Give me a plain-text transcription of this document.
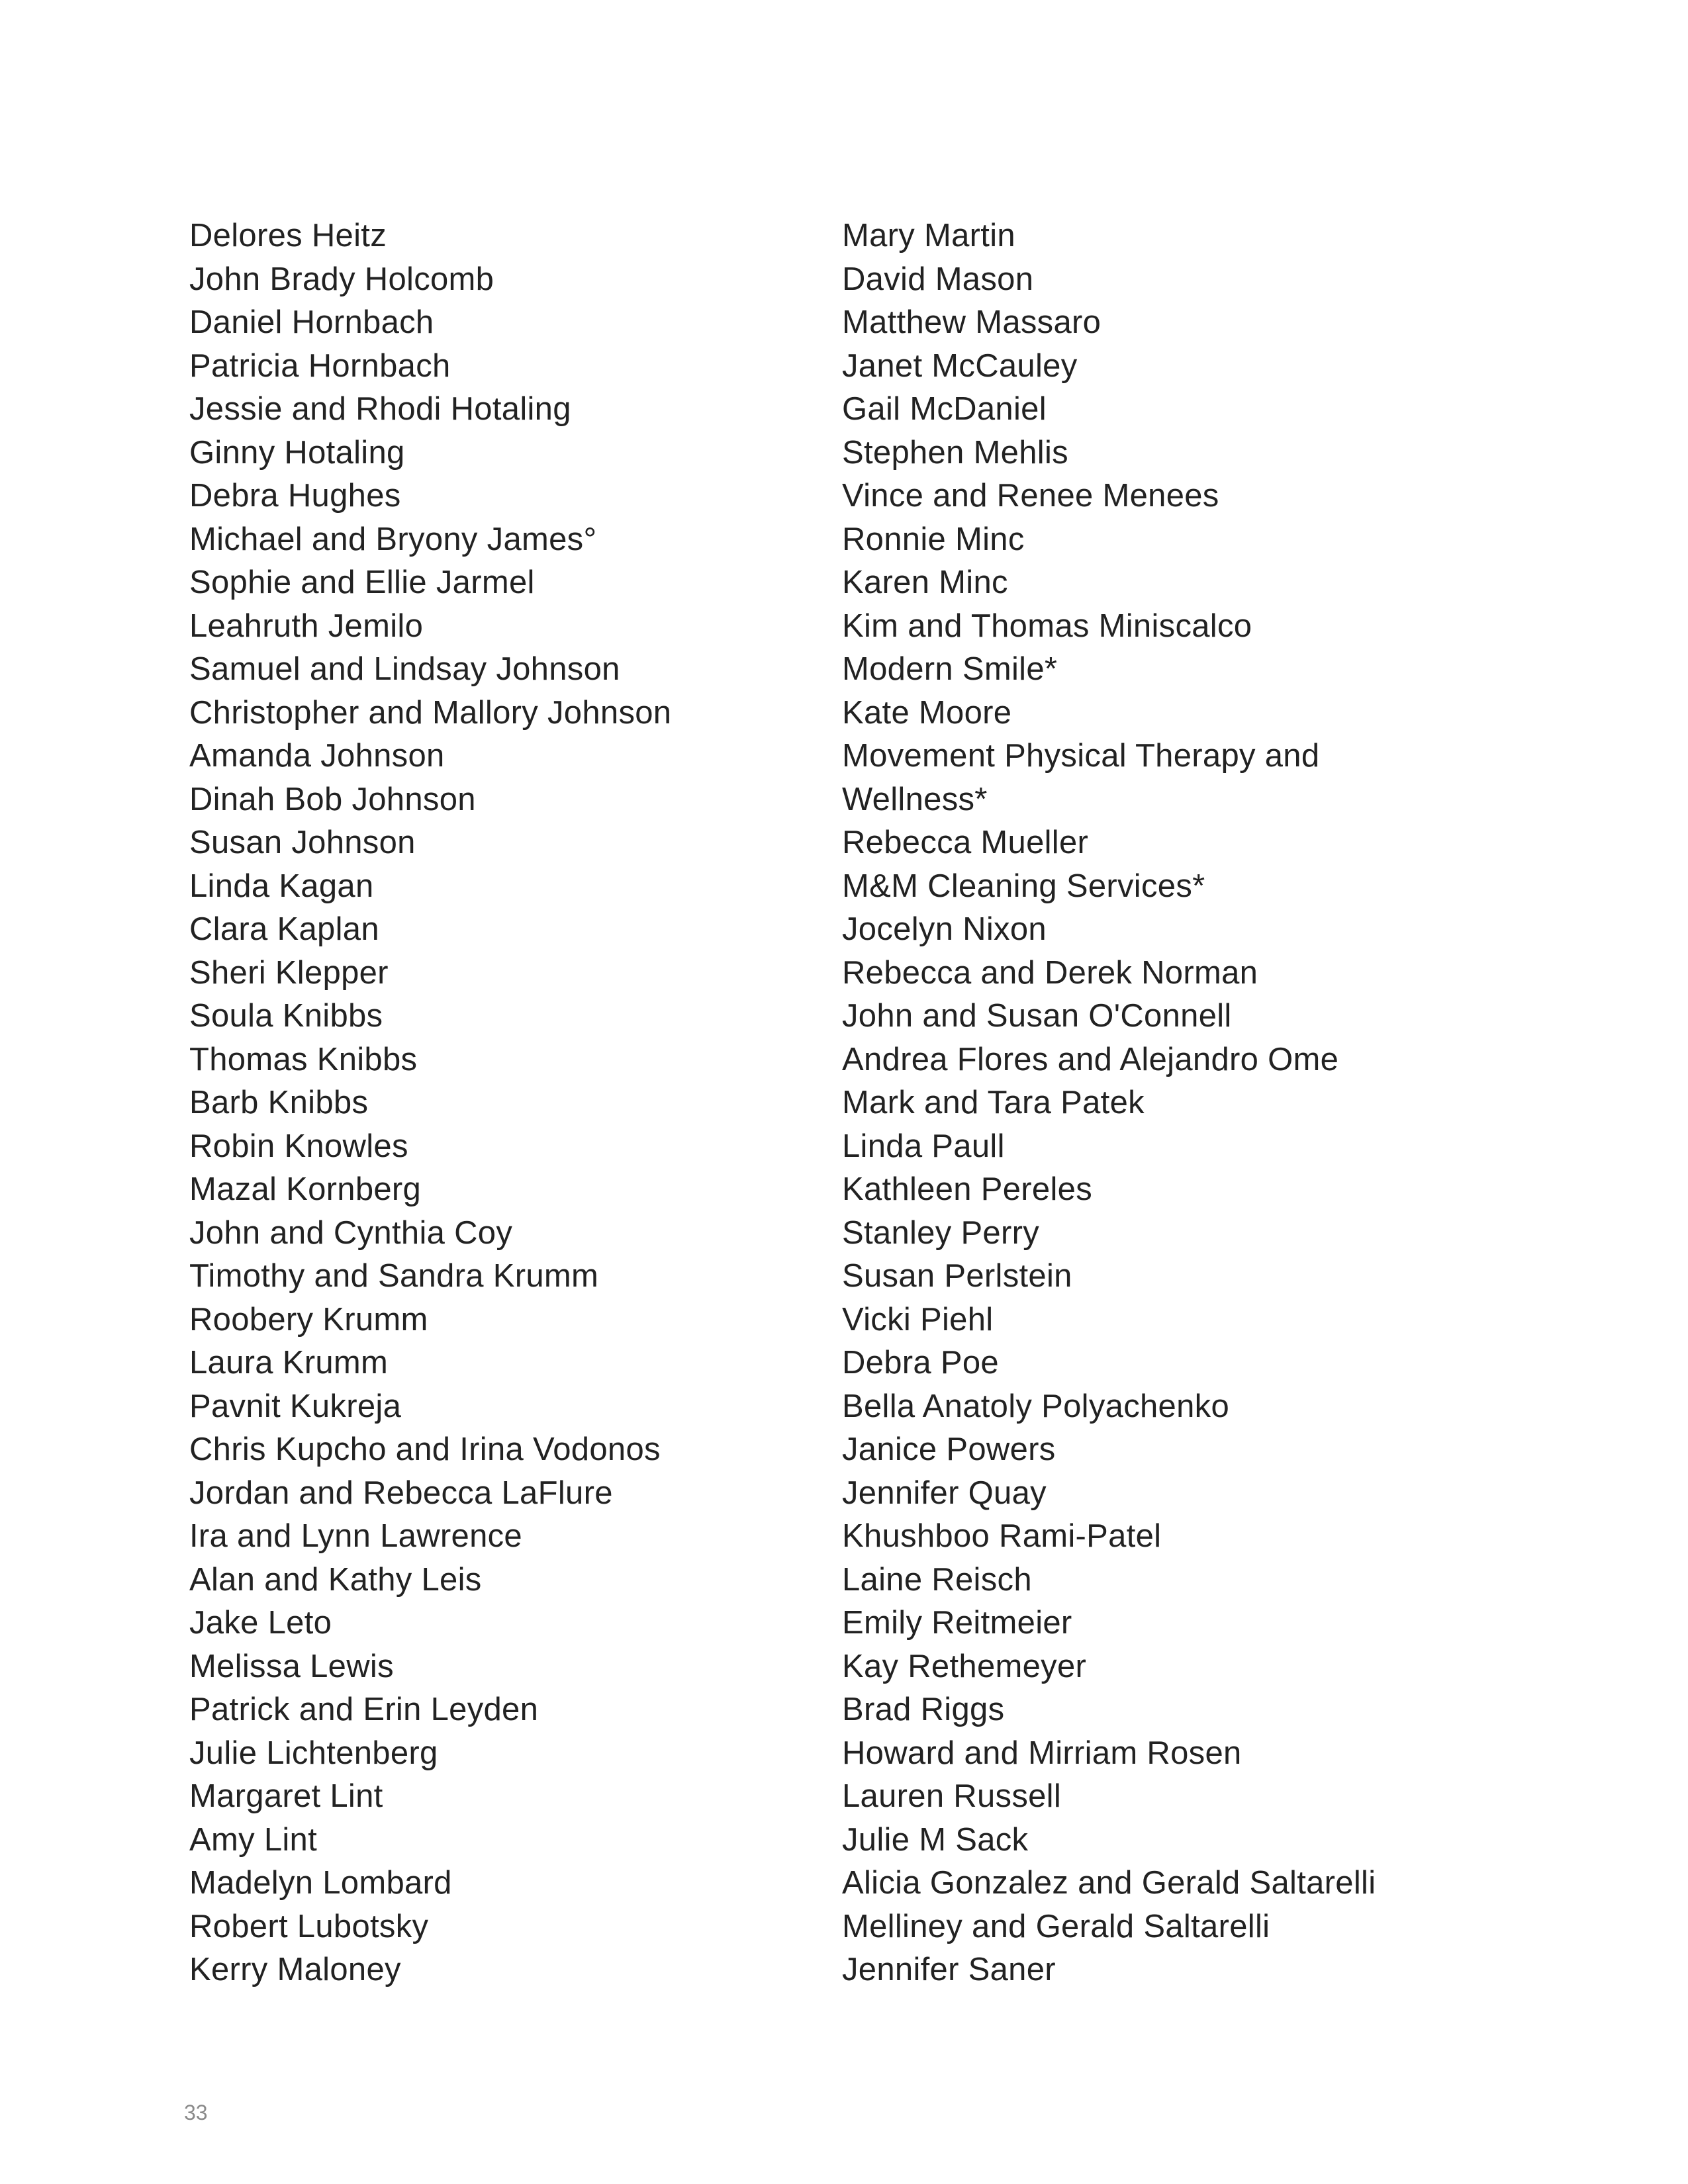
Delores Heitz
John Brady Holcomb
Daniel Hornbach
Patricia Hornbach
Jessie and Rhodi Hotaling
Ginny Hotaling
Debra Hughes
Michael and Bryony James°
Sophie and Ellie Jarmel
Leahruth Jemilo
Samuel and Lindsay Johnson
Christopher and Mallory Johnson
Amanda Johnson
Dinah Bob Johnson
Susan Johnson
Linda Kagan
Clara Kaplan
Sheri Klepper
Soula Knibbs
Thomas Knibbs
Barb Knibbs
Robin Knowles
Mazal Kornberg
John and Cynthia Coy
Timothy and Sandra Krumm
Roobery Krumm
Laura Krumm
Pavnit Kukreja
Chris Kupcho and Irina Vodonos
Jordan and Rebecca LaFlure
Ira and Lynn Lawrence
Alan and Kathy Leis
Jake Leto
Melissa Lewis
Patrick and Erin Leyden
Julie Lichtenberg
Margaret Lint
Amy Lint
Madelyn Lombard
Robert Lubotsky
Kerry Maloney
Mary Martin
David Mason
Matthew Massaro
Janet McCauley
Gail McDaniel
Stephen Mehlis
Vince and Renee Menees
Ronnie Minc
Karen Minc
Kim and Thomas Miniscalco
Modern Smile*
Kate Moore
Movement Physical Therapy and Wellness*
Rebecca Mueller
M&M Cleaning Services*
Jocelyn Nixon
Rebecca and Derek Norman
John and Susan O'Connell
Andrea Flores and Alejandro Ome
Mark and Tara Patek
Linda Paull
Kathleen Pereles
Stanley Perry
Susan Perlstein
Vicki Piehl
Debra Poe
Bella Anatoly Polyachenko
Janice Powers
Jennifer Quay
Khushboo Rami-Patel
Laine Reisch
Emily Reitmeier
Kay Rethemeyer
Brad Riggs
Howard and Mirriam Rosen
Lauren Russell
Julie M Sack
Alicia Gonzalez and Gerald Saltarelli
Melliney and Gerald Saltarelli
Jennifer Saner
33
